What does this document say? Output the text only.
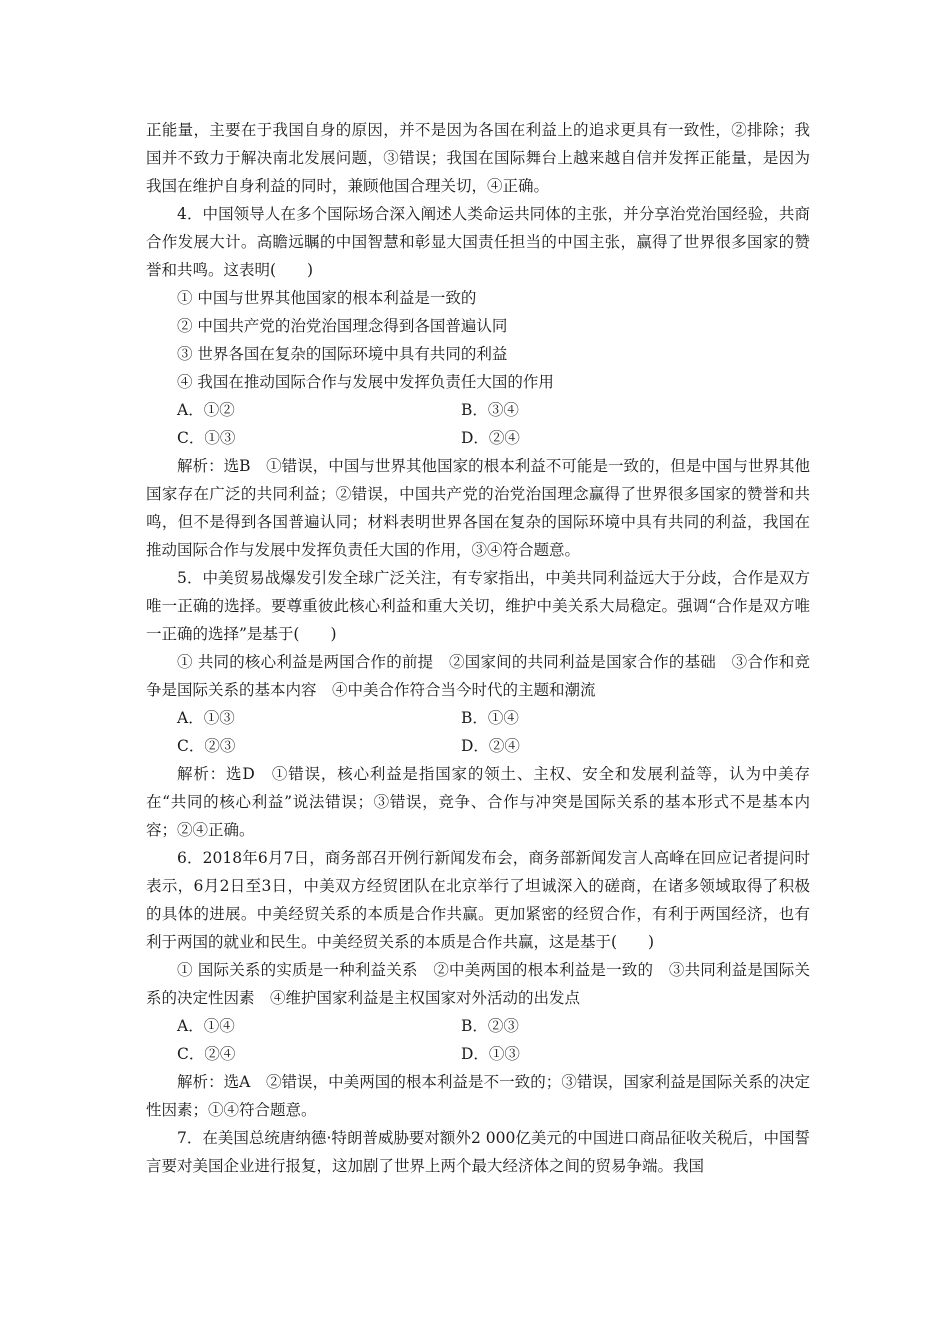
正能量，主要在于我国自身的原因，并不是因为各国在利益上的追求更具有一致性，②排除；我国并不致力于解决南北发展问题，③错误；我国在国际舞台上越来越自信并发挥正能量，是因为我国在维护自身利益的同时，兼顾他国合理关切，④正确。

4．中国领导人在多个国际场合深入阐述人类命运共同体的主张，并分享治党治国经验，共商合作发展大计。高瞻远瞩的中国智慧和彰显大国责任担当的中国主张，赢得了世界很多国家的赞誉和共鸣。这表明(　　)

① 中国与世界其他国家的根本利益是一致的

② 中国共产党的治党治国理念得到各国普遍认同

③ 世界各国在复杂的国际环境中具有共同的利益

④ 我国在推动国际合作与发展中发挥负责任大国的作用

A．①②	B．③④
C．①③	D．②④

解析：选B　①错误，中国与世界其他国家的根本利益不可能是一致的，但是中国与世界其他国家存在广泛的共同利益；②错误，中国共产党的治党治国理念赢得了世界很多国家的赞誉和共鸣，但不是得到各国普遍认同；材料表明世界各国在复杂的国际环境中具有共同的利益，我国在推动国际合作与发展中发挥负责任大国的作用，③④符合题意。

5．中美贸易战爆发引发全球广泛关注，有专家指出，中美共同利益远大于分歧，合作是双方唯一正确的选择。要尊重彼此核心利益和重大关切，维护中美关系大局稳定。强调“合作是双方唯一正确的选择”是基于(　　)

① 共同的核心利益是两国合作的前提　②国家间的共同利益是国家合作的基础　③合作和竞争是国际关系的基本内容　④中美合作符合当今时代的主题和潮流

A．①③	B．①④
C．②③	D．②④

解析：选D　①错误，核心利益是指国家的领土、主权、安全和发展利益等，认为中美存在“共同的核心利益”说法错误；③错误，竞争、合作与冲突是国际关系的基本形式不是基本内容；②④正确。

6．2018年6月7日，商务部召开例行新闻发布会，商务部新闻发言人高峰在回应记者提问时表示，6月2日至3日，中美双方经贸团队在北京举行了坦诚深入的磋商，在诸多领域取得了积极的具体的进展。中美经贸关系的本质是合作共赢。更加紧密的经贸合作，有利于两国经济，也有利于两国的就业和民生。中美经贸关系的本质是合作共赢，这是基于(　　)

① 国际关系的实质是一种利益关系　②中美两国的根本利益是一致的　③共同利益是国际关系的决定性因素　④维护国家利益是主权国家对外活动的出发点

A．①④	B．②③
C．②④	D．①③

解析：选A　②错误，中美两国的根本利益是不一致的；③错误，国家利益是国际关系的决定性因素；①④符合题意。

7．在美国总统唐纳德·特朗普威胁要对额外2 000亿美元的中国进口商品征收关税后，中国誓言要对美国企业进行报复，这加剧了世界上两个最大经济体之间的贸易争端。我国
